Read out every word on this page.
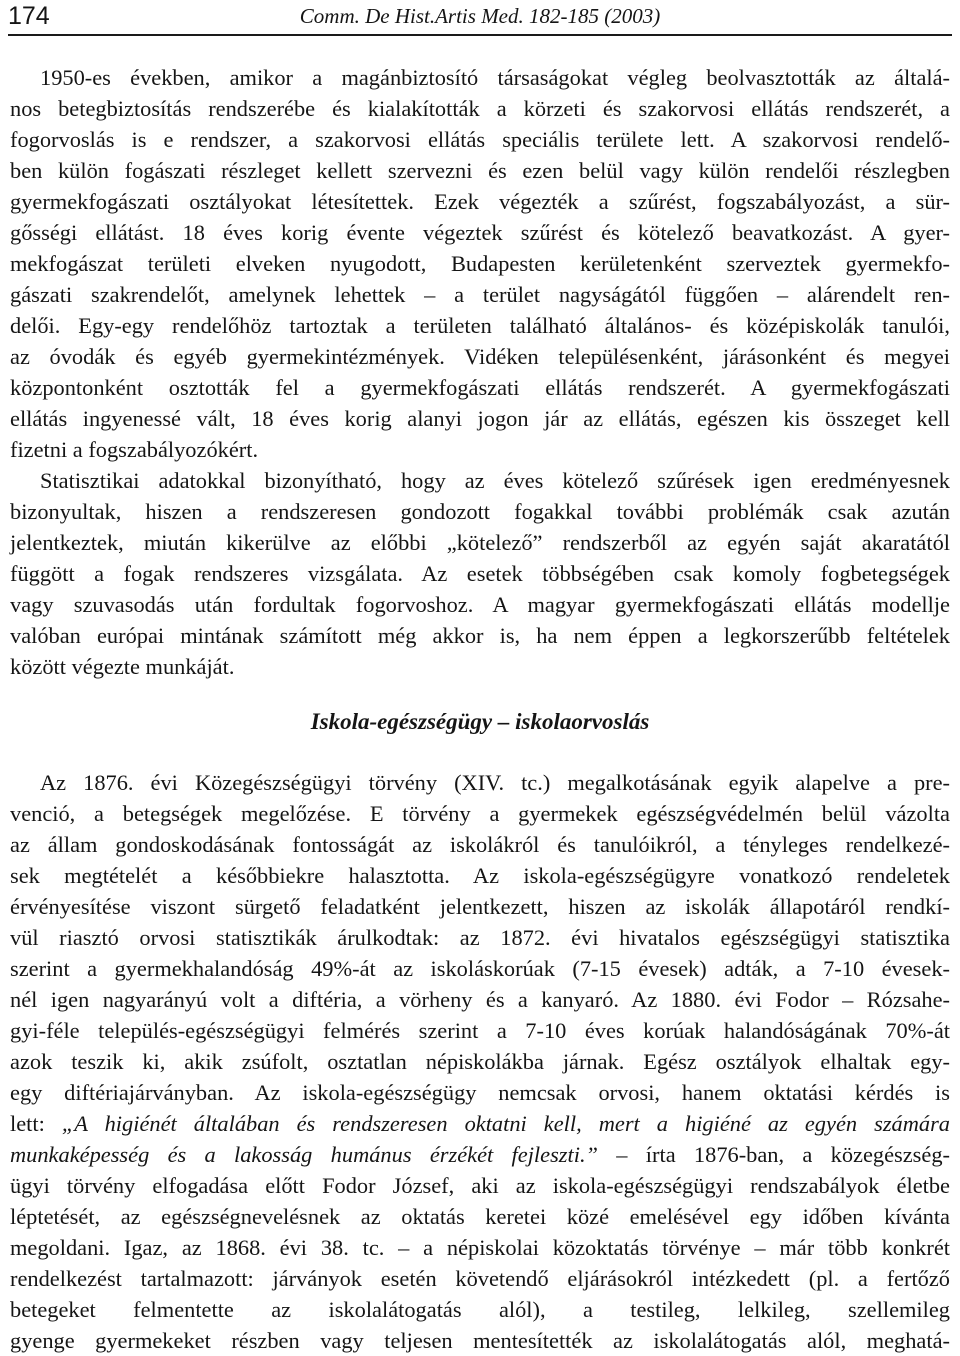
174	Comm. De Hist.Artis Med. 182-185 (2003)
1950-es években, amikor a magánbiztosító társaságokat végleg beolvasztották az általá-
nos betegbiztosítás rendszerébe és kialakították a körzeti és szakorvosi ellátás rendszerét, a
fogorvoslás is e rendszer, a szakorvosi ellátás speciális területe lett. A szakorvosi rendelő-
ben külön fogászati részleget kellett szervezni és ezen belül vagy külön rendelői részlegben
gyermekfogászati osztályokat létesítettek. Ezek végezték a szűrést, fogszabályozást, a sür-
gősségi ellátást. 18 éves korig évente végeztek szűrést és kötelező beavatkozást. A gyer-
mekfogászat területi elveken nyugodott, Budapesten kerületenként szerveztek gyermekfo-
gászati szakrendelőt, amelynek lehettek – a terület nagyságától függően – alárendelt ren-
delői. Egy-egy rendelőhöz tartoztak a területen található általános- és középiskolák tanulói,
az óvodák és egyéb gyermekintézmények. Vidéken településenként, járásonként és megyei
központonként osztották fel a gyermekfogászati ellátás rendszerét. A gyermekfogászati
ellátás ingyenessé vált, 18 éves korig alanyi jogon jár az ellátás, egészen kis összeget kell
fizetni a fogszabályozókért.
Statisztikai adatokkal bizonyítható, hogy az éves kötelező szűrések igen eredményesnek
bizonyultak, hiszen a rendszeresen gondozott fogakkal további problémák csak azután
jelentkeztek, miután kikerülve az előbbi „kötelező” rendszerből az egyén saját akaratától
függött a fogak rendszeres vizsgálata. Az esetek többségében csak komoly fogbetegségek
vagy szuvasodás után fordultak fogorvoshoz. A magyar gyermekfogászati ellátás modellje
valóban európai mintának számított még akkor is, ha nem éppen a legkorszerűbb feltételek
között végezte munkáját.
Iskola-egészségügy – iskolaorvoslás
Az 1876. évi Közegészségügyi törvény (XIV. tc.) megalkotásának egyik alapelve a pre-
venció, a betegségek megelőzése. E törvény a gyermekek egészségvédelmén belül vázolta
az állam gondoskodásának fontosságát az iskolákról és tanulóikról, a tényleges rendelkezé-
sek megtételét a későbbiekre halasztotta. Az iskola-egészségügyre vonatkozó rendeletek
érvényesítése viszont sürgető feladatként jelentkezett, hiszen az iskolák állapotáról rendkí-
vül riasztó orvosi statisztikák árulkodtak: az 1872. évi hivatalos egészségügyi statisztika
szerint a gyermekhalandóság 49%-át az iskoláskorúak (7-15 évesek) adták, a 7-10 évesek-
nél igen nagyarányú volt a diftéria, a vörheny és a kanyaró. Az 1880. évi Fodor – Rózsahe-
gyi-féle település-egészségügyi felmérés szerint a 7-10 éves korúak halandóságának 70%-át
azok teszik ki, akik zsúfolt, osztatlan népiskolákba járnak. Egész osztályok elhaltak egy-
egy diftériajárványban. Az iskola-egészségügy nemcsak orvosi, hanem oktatási kérdés is
lett: „A higiénét általában és rendszeresen oktatni kell, mert a higiéné az egyén számára
munkaképesség és a lakosság humánus érzékét fejleszti.” – írta 1876-ban, a közegészség-
ügyi törvény elfogadása előtt Fodor József, aki az iskola-egészségügyi rendszabályok életbe
léptetését, az egészségnevelésnek az oktatás keretei közé emelésével egy időben kívánta
megoldani. Igaz, az 1868. évi 38. tc. – a népiskolai közoktatás törvénye – már több konkrét
rendelkezést tartalmazott: járványok esetén követendő eljárásokról intézkedett (pl. a fertőző
betegeket felmentette az iskolalátogatás alól), a testileg, lelkileg, szellemileg
gyenge gyermekeket részben vagy teljesen mentesítették az iskolalátogatás alól, meghatá-
